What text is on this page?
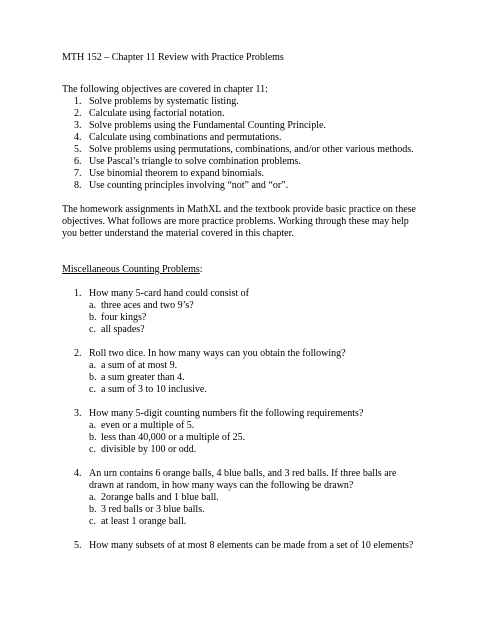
MTH 152 – Chapter 11 Review with Practice Problems
The following objectives are covered in chapter 11:
1. Solve problems by systematic listing.
2. Calculate using factorial notation.
3. Solve problems using the Fundamental Counting Principle.
4. Calculate using combinations and permutations.
5. Solve problems using permutations, combinations, and/or other various methods.
6. Use Pascal’s triangle to solve combination problems.
7. Use binomial theorem to expand binomials.
8. Use counting principles involving “not” and “or”.
The homework assignments in MathXL and the textbook provide basic practice on these
objectives. What follows are more practice problems. Working through these may help
you better understand the material covered in this chapter.
Miscellaneous Counting Problems:
1. How many 5-card hand could consist of
a. three aces and two 9’s?
b. four kings?
c. all spades?
2. Roll two dice. In how many ways can you obtain the following?
a. a sum of at most 9.
b. a sum greater than 4.
c. a sum of 3 to 10 inclusive.
3. How many 5-digit counting numbers fit the following requirements?
a. even or a multiple of 5.
b. less than 40,000 or a multiple of 25.
c. divisible by 100 or odd.
4. An urn contains 6 orange balls, 4 blue balls, and 3 red balls. If three balls are
drawn at random, in how many ways can the following be drawn?
a. 2orange balls and 1 blue ball.
b. 3 red balls or 3 blue balls.
c. at least 1 orange ball.
5. How many subsets of at most 8 elements can be made from a set of 10 elements?
